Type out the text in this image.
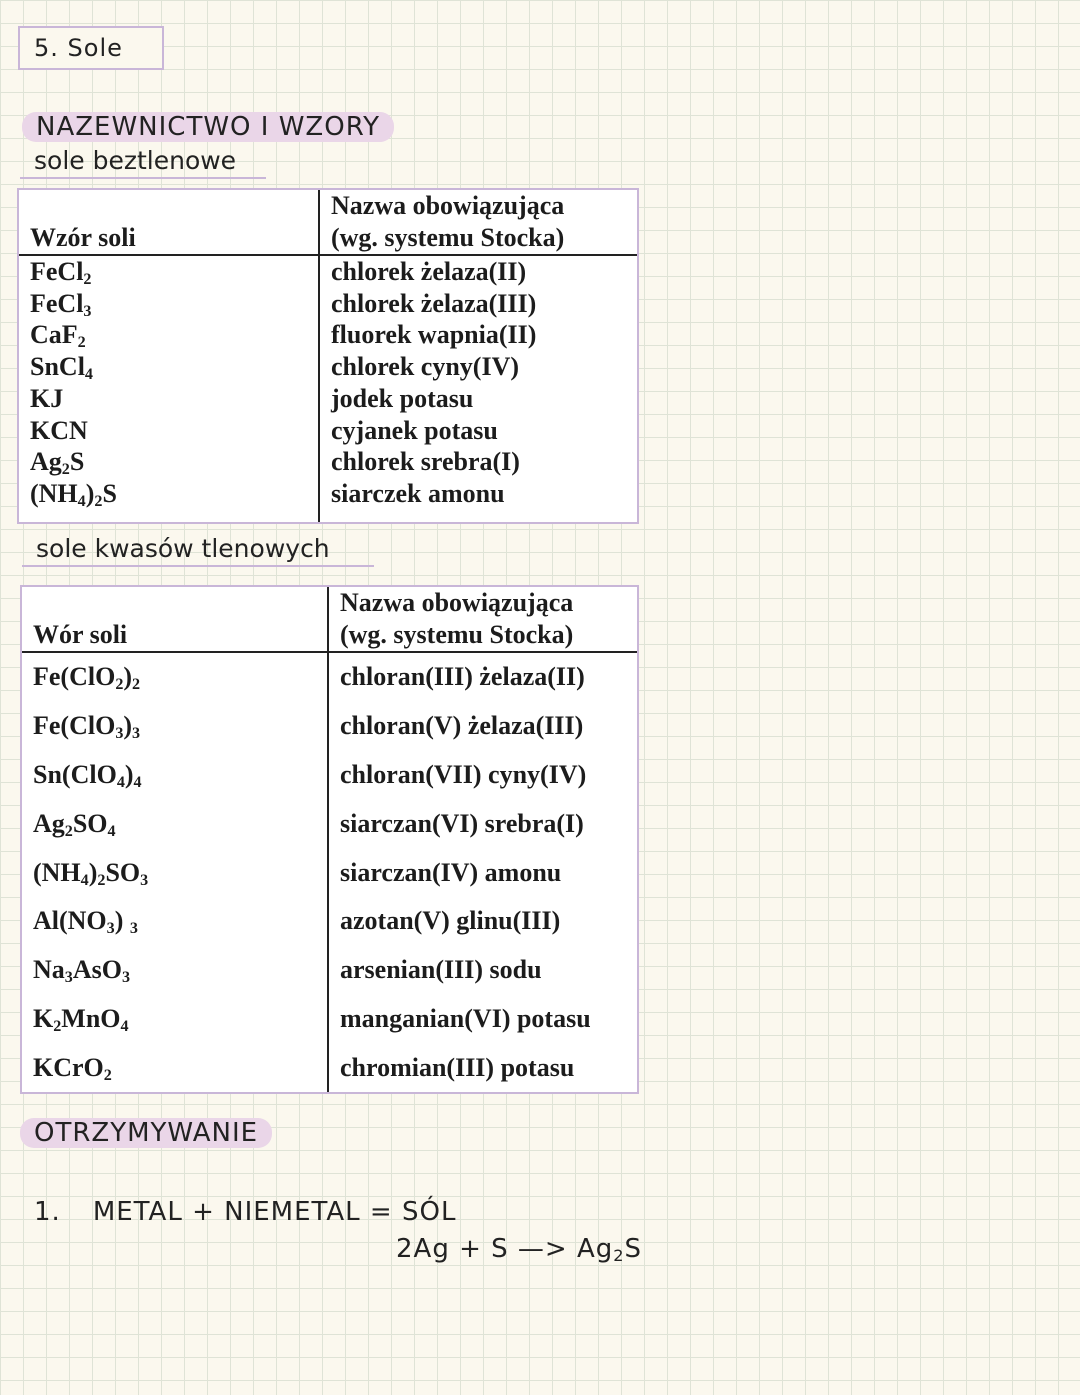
5. Sole
NAZEWNICTWO I WZORY
sole beztlenowe
Wzór soli	Nazwa obowiązująca
(wg. systemu Stocka)
FeCl$_2$	chlorek żelaza(II)
FeCl$_3$	chlorek żelaza(III)
CaF$_2$	fluorek wapnia(II)
SnCl$_4$	chlorek cyny(IV)
KJ	jodek potasu
KCN	cyjanek potasu
$Ag_2S$	chlorek srebra(I)
$(NH_4)_2S$	siarczek amonu
sole kwasów tlenowych
Wór soli	Nazwa obowiązująca
(wg. systemu Stocka)
$Fe(ClO_2)_2$	chloran(III) żelaza(II)
$Fe(ClO_3)_3$	chloran(V) żelaza(III)
$Sn(ClO_4)_4$	chloran(VII) cyny(IV)
$Ag_2SO_4$	siarczan(VI) srebra(I)
$(NH_4)_2SO_3$	siarczan(IV) amonu
$Al(NO_3)$ $_3$	azotan(V) glinu(III)
$Na_3AsO_3$	arsenian(III) sodu
$K_2MnO_4$	manganian(VI) potasu
KCrO$_2$	chromian(III) potasu
OTRZYMYWANIE
1. METAL + NIEMETAL = SÓL
2Ag + S —> $Ag_2S$
